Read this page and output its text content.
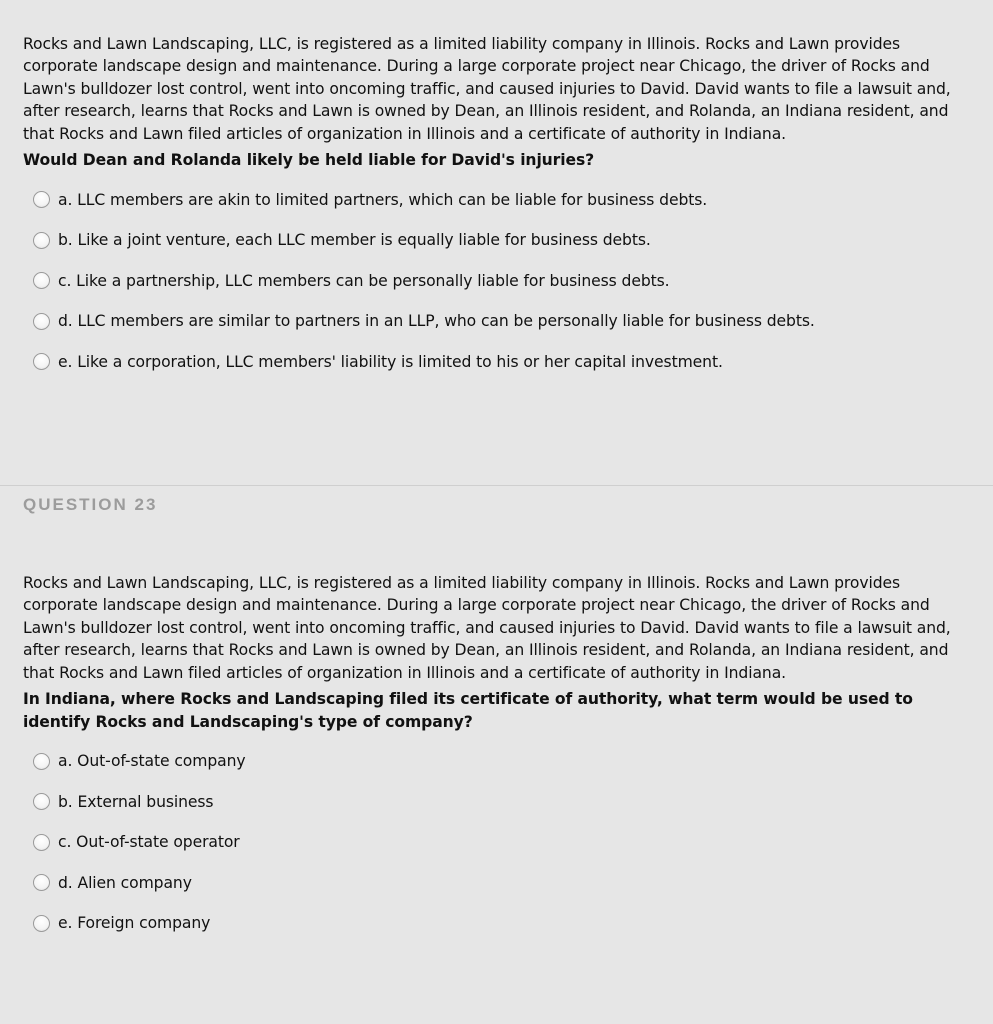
Rocks and Lawn Landscaping, LLC, is registered as a limited liability company in Illinois. Rocks and Lawn provides corporate landscape design and maintenance. During a large corporate project near Chicago, the driver of Rocks and Lawn's bulldozer lost control, went into oncoming traffic, and caused injuries to David. David wants to file a lawsuit and, after research, learns that Rocks and Lawn is owned by Dean, an Illinois resident, and Rolanda, an Indiana resident, and that Rocks and Lawn filed articles of organization in Illinois and a certificate of authority in Indiana.

Would Dean and Rolanda likely be held liable for David's injuries?

a. LLC members are akin to limited partners, which can be liable for business debts.
b. Like a joint venture, each LLC member is equally liable for business debts.
c. Like a partnership, LLC members can be personally liable for business debts.
d. LLC members are similar to partners in an LLP, who can be personally liable for business debts.
e. Like a corporation, LLC members' liability is limited to his or her capital investment.
QUESTION 23

Rocks and Lawn Landscaping, LLC, is registered as a limited liability company in Illinois. Rocks and Lawn provides corporate landscape design and maintenance. During a large corporate project near Chicago, the driver of Rocks and Lawn's bulldozer lost control, went into oncoming traffic, and caused injuries to David. David wants to file a lawsuit and, after research, learns that Rocks and Lawn is owned by Dean, an Illinois resident, and Rolanda, an Indiana resident, and that Rocks and Lawn filed articles of organization in Illinois and a certificate of authority in Indiana.

In Indiana, where Rocks and Landscaping filed its certificate of authority, what term would be used to identify Rocks and Landscaping's type of company?

a. Out-of-state company
b. External business
c. Out-of-state operator
d. Alien company
e. Foreign company
